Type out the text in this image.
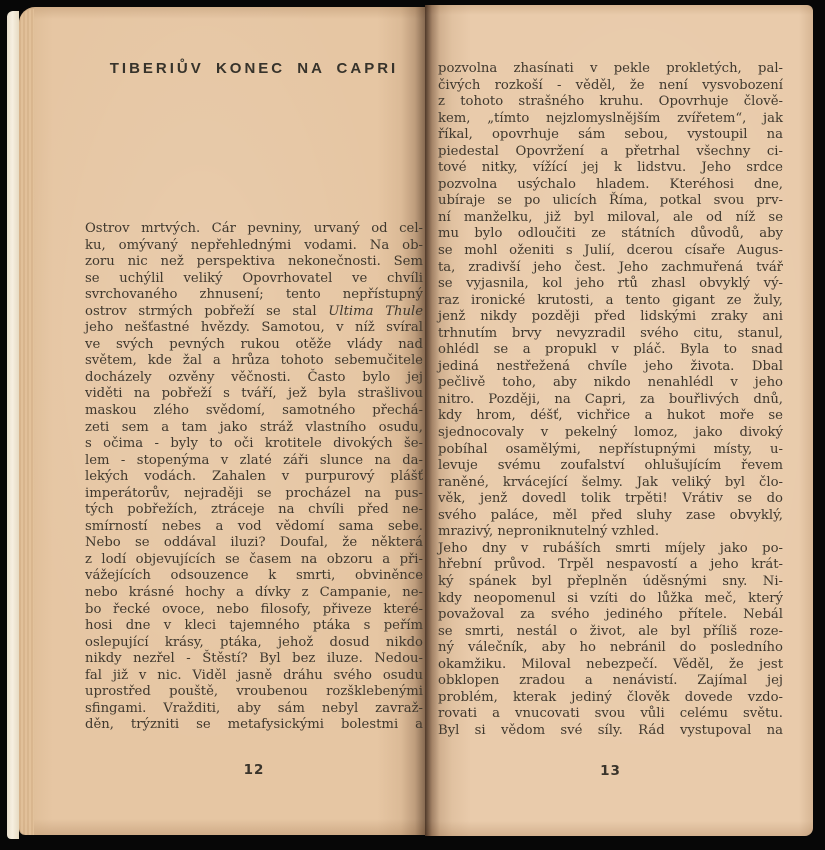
TIBERIŮV KONEC NA CAPRI
Ostrov mrtvých. Cár pevniny, urvaný od cel-
ku, omývaný nepřehlednými vodami. Na ob-
zoru nic než perspektiva nekonečnosti. Sem
se uchýlil veliký Opovrhovatel ve chvíli
svrchovaného zhnusení; tento nepřístupný
ostrov strmých pobřeží se stal Ultima Thule
jeho nešťastné hvězdy. Samotou, v níž svíral
ve svých pevných rukou otěže vlády nad
světem, kde žal a hrůza tohoto sebemučitele
docházely ozvěny věčnosti. Často bylo jej
viděti na pobřeží s tváří, jež byla strašlivou
maskou zlého svědomí, samotného přechá-
zeti sem a tam jako stráž vlastního osudu,
s očima - byly to oči krotitele divokých še-
lem - stopenýma v zlaté záři slunce na da-
lekých vodách. Zahalen v purpurový plášť
imperátorův, nejraději se procházel na pus-
tých pobřežích, ztráceje na chvíli před ne-
smírností nebes a vod vědomí sama sebe.
Nebo se oddával iluzi? Doufal, že některá
z lodí objevujících se časem na obzoru a při-
vážejících odsouzence k smrti, obviněnce
nebo krásné hochy a dívky z Campanie, ne-
bo řecké ovoce, nebo filosofy, přiveze které-
hosi dne v kleci tajemného ptáka s peřím
oslepující krásy, ptáka, jehož dosud nikdo
nikdy nezřel - Štěstí? Byl bez iluze. Nedou-
fal již v nic. Viděl jasně dráhu svého osudu
uprostřed pouště, vroubenou rozšklebenými
sfingami. Vražditi, aby sám nebyl zavraž-
děn, trýzniti se metafysickými bolestmi a
pozvolna zhasínati v pekle prokletých, pal-
čivých rozkoší - věděl, že není vysvobození
z tohoto strašného kruhu. Opovrhuje člově-
kem, „tímto nejzlomyslnějším zvířetem“, jak
říkal, opovrhuje sám sebou, vystoupil na
piedestal Opovržení a přetrhal všechny ci-
tové nitky, vížící jej k lidstvu. Jeho srdce
pozvolna usýchalo hladem. Kteréhosi dne,
ubíraje se po ulicích Říma, potkal svou prv-
ní manželku, již byl miloval, ale od níž se
mu bylo odloučiti ze státních důvodů, aby
se mohl oženiti s Julií, dcerou císaře Augus-
ta, zradivší jeho čest. Jeho zachmuřená tvář
se vyjasnila, kol jeho rtů zhasl obvyklý vý-
raz ironické krutosti, a tento gigant ze žuly,
jenž nikdy později před lidskými zraky ani
trhnutím brvy nevyzradil svého citu, stanul,
ohlédl se a propukl v pláč. Byla to snad
jediná nestřežená chvíle jeho života. Dbal
pečlivě toho, aby nikdo nenahlédl v jeho
nitro. Později, na Capri, za bouřlivých dnů,
kdy hrom, déšť, vichřice a hukot moře se
sjednocovaly v pekelný lomoz, jako divoký
pobíhal osamělými, nepřístupnými místy, u-
levuje svému zoufalství ohlušujícím řevem
raněné, krvácející šelmy. Jak veliký byl člo-
věk, jenž dovedl tolik trpěti! Vrátiv se do
svého paláce, měl před sluhy zase obvyklý,
mrazivý, neproniknutelný vzhled.
Jeho dny v rubáších smrti míjely jako po-
hřební průvod. Trpěl nespavostí a jeho krát-
ký spánek byl přeplněn úděsnými sny. Ni-
kdy neopomenul si vzíti do lůžka meč, který
považoval za svého jediného přítele. Nebál
se smrti, nestál o život, ale byl příliš roze-
ný válečník, aby ho nebránil do posledního
okamžiku. Miloval nebezpečí. Věděl, že jest
obklopen zradou a nenávistí. Zajímal jej
problém, kterak jediný člověk dovede vzdo-
rovati a vnucovati svou vůli celému světu.
Byl si vědom své síly. Rád vystupoval na
12	13
